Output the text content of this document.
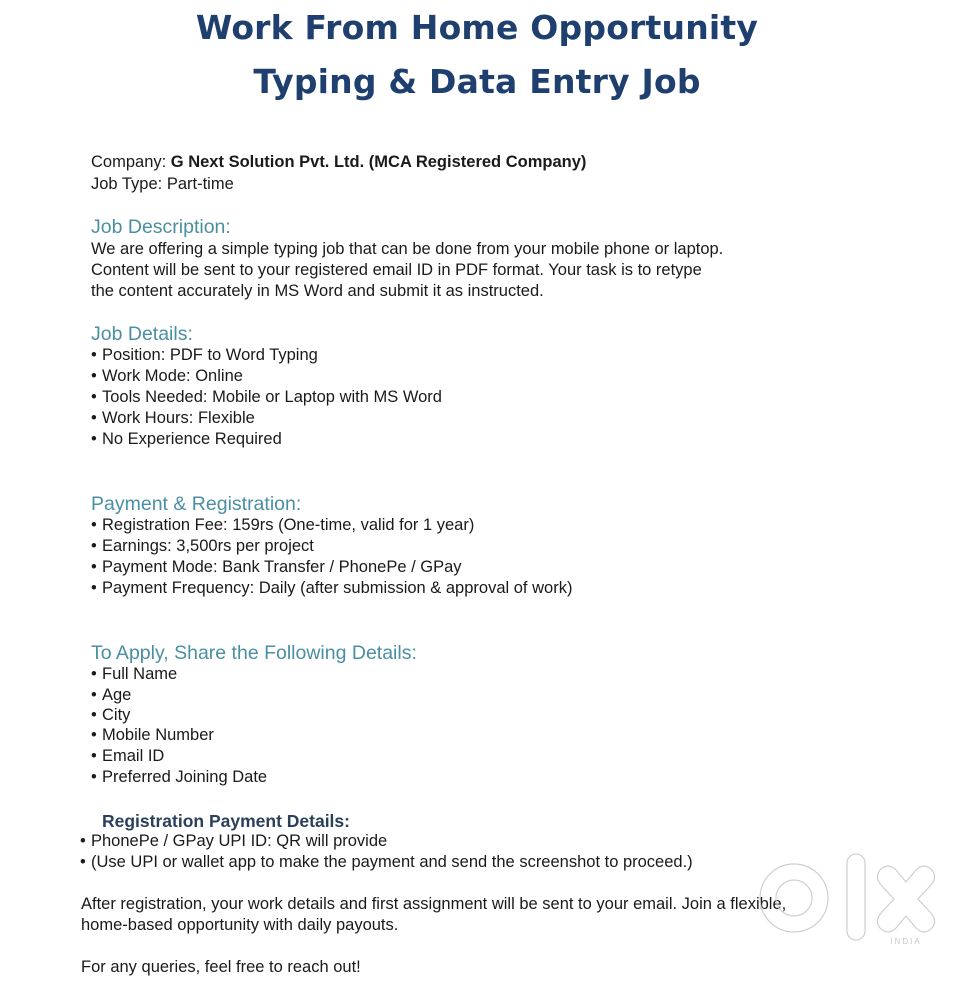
Work From Home Opportunity
Typing & Data Entry Job
Company: G Next Solution Pvt. Ltd. (MCA Registered Company)
Job Type: Part-time
Job Description:
We are offering a simple typing job that can be done from your mobile phone or laptop.
Content will be sent to your registered email ID in PDF format. Your task is to retype
the content accurately in MS Word and submit it as instructed.
Job Details:
• Position: PDF to Word Typing
• Work Mode: Online
• Tools Needed: Mobile or Laptop with MS Word
• Work Hours: Flexible
• No Experience Required
Payment & Registration:
• Registration Fee: 159rs (One-time, valid for 1 year)
• Earnings: 3,500rs per project
• Payment Mode: Bank Transfer / PhonePe / GPay
• Payment Frequency: Daily (after submission & approval of work)
To Apply, Share the Following Details:
• Full Name
• Age
• City
• Mobile Number
• Email ID
• Preferred Joining Date
Registration Payment Details:
• PhonePe / GPay UPI ID: QR will provide
• (Use UPI or wallet app to make the payment and send the screenshot to proceed.)
After registration, your work details and first assignment will be sent to your email. Join a flexible,
home-based opportunity with daily payouts.
For any queries, feel free to reach out!
INDIA
